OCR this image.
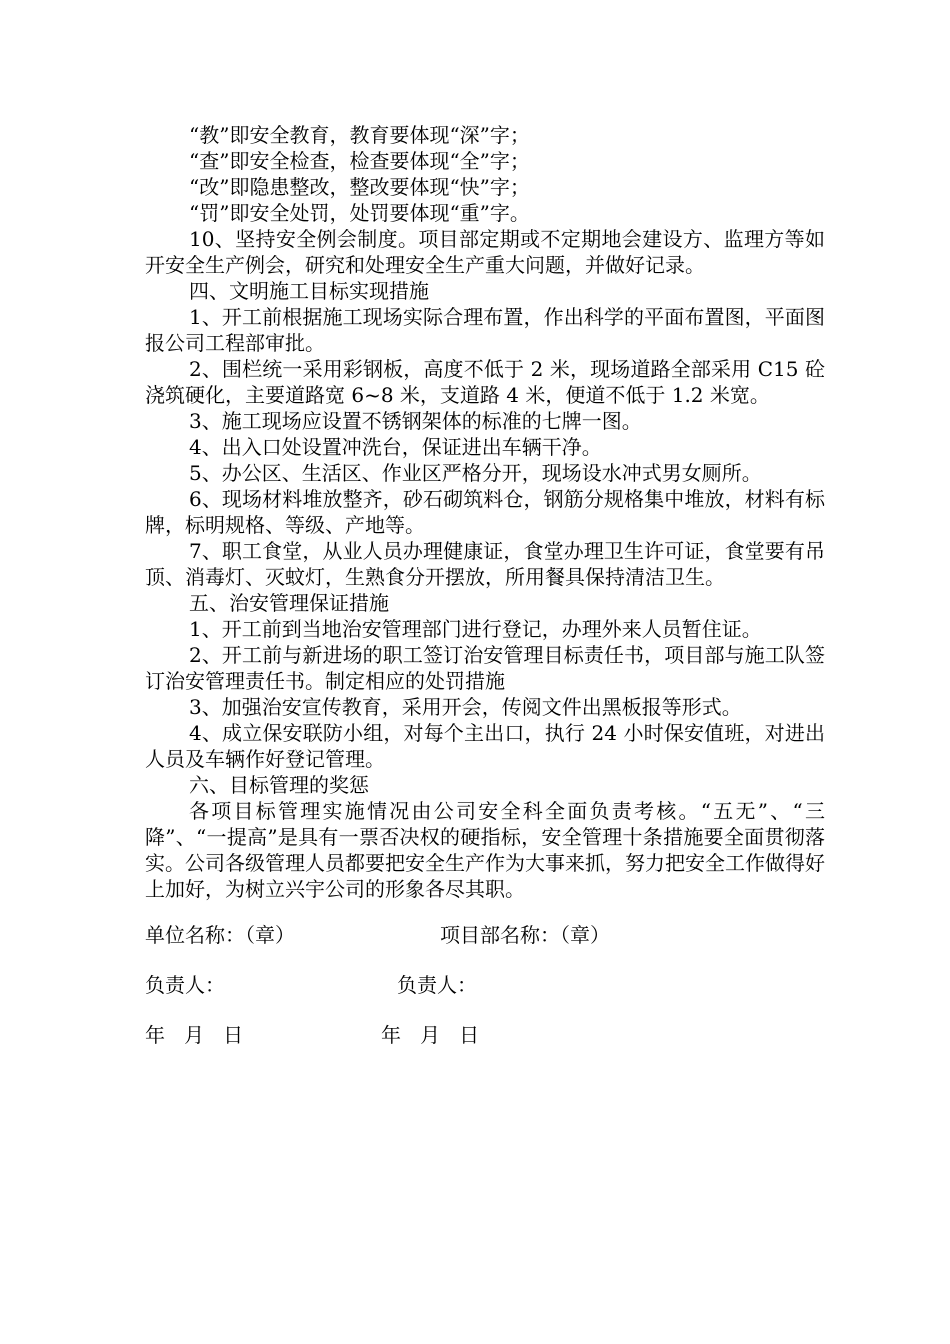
“教”即安全教育，教育要体现“深”字；

“查”即安全检查，检查要体现“全”字；

“改”即隐患整改，整改要体现“快”字；

“罚”即安全处罚，处罚要体现“重”字。

10、坚持安全例会制度。项目部定期或不定期地会建设方、监理方等如开安全生产例会，研究和处理安全生产重大问题，并做好记录。

四、文明施工目标实现措施

1、开工前根据施工现场实际合理布置，作出科学的平面布置图，平面图报公司工程部审批。

2、围栏统一采用彩钢板，高度不低于 2 米，现场道路全部采用 C15 砼浇筑硬化，主要道路宽 6~8 米，支道路 4 米，便道不低于 1.2 米宽。

3、施工现场应设置不锈钢架体的标准的七牌一图。

4、出入口处设置冲洗台，保证进出车辆干净。

5、办公区、生活区、作业区严格分开，现场设水冲式男女厕所。

6、现场材料堆放整齐，砂石砌筑料仓，钢筋分规格集中堆放，材料有标牌，标明规格、等级、产地等。

7、职工食堂，从业人员办理健康证，食堂办理卫生许可证，食堂要有吊顶、消毒灯、灭蚊灯，生熟食分开摆放，所用餐具保持清洁卫生。

五、治安管理保证措施

1、开工前到当地治安管理部门进行登记，办理外来人员暂住证。

2、开工前与新进场的职工签订治安管理目标责任书，项目部与施工队签订治安管理责任书。制定相应的处罚措施

3、加强治安宣传教育，采用开会，传阅文件出黑板报等形式。

4、成立保安联防小组，对每个主出口，执行 24 小时保安值班，对进出人员及车辆作好登记管理。

六、目标管理的奖惩

各项目标管理实施情况由公司安全科全面负责考核。“五无”、“三降”、“一提高”是具有一票否决权的硬指标，安全管理十条措施要全面贯彻落实。公司各级管理人员都要把安全生产作为大事来抓，努力把安全工作做得好上加好，为树立兴宇公司的形象各尽其职。

单位名称：（章）	项目部名称：（章）
负责人：	负责人：
年   月   日	年   月   日
